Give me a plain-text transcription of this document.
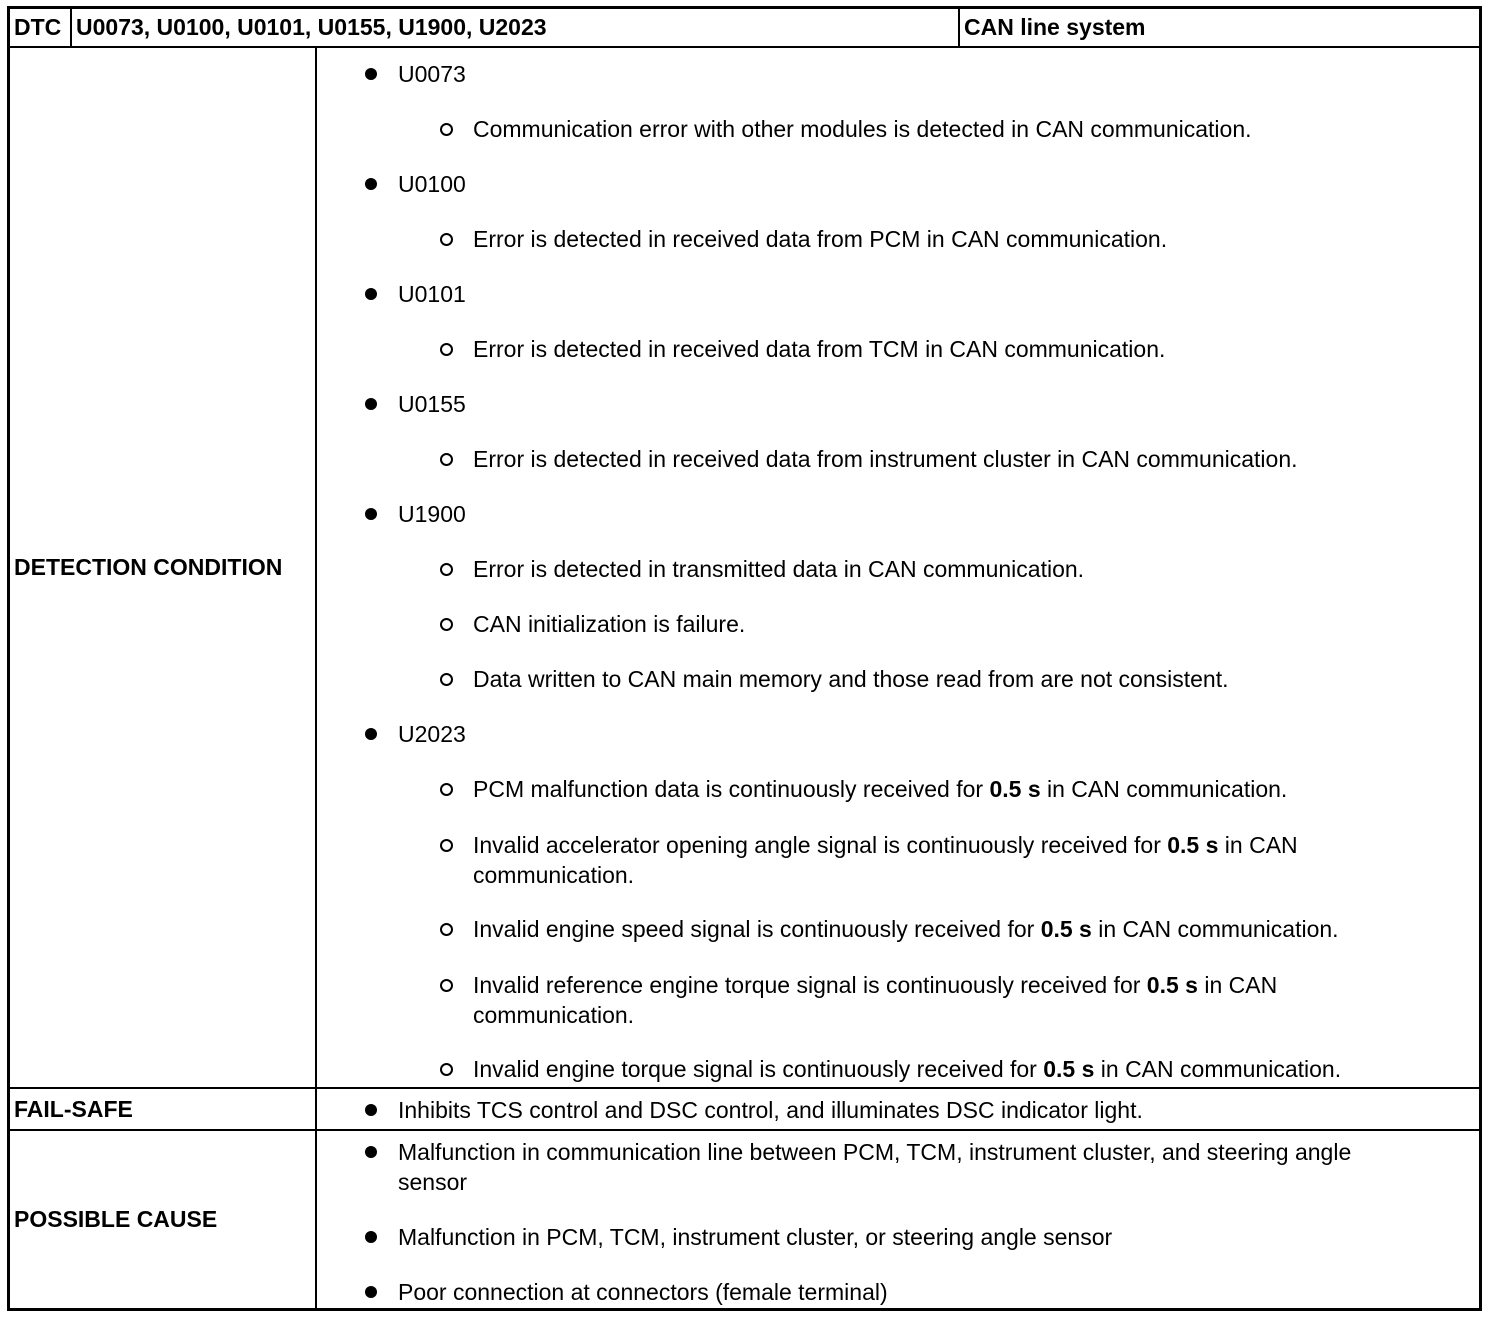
DTC U0073, U0100, U0101, U0155, U1900, U2023	CAN line system
DETECTION CONDITION
U0073
Communication error with other modules is detected in CAN communication.
U0100
Error is detected in received data from PCM in CAN communication.
U0101
Error is detected in received data from TCM in CAN communication.
U0155
Error is detected in received data from instrument cluster in CAN communication.
U1900
Error is detected in transmitted data in CAN communication.
CAN initialization is failure.
Data written to CAN main memory and those read from are not consistent.
U2023
PCM malfunction data is continuously received for 0.5 s in CAN communication.
Invalid accelerator opening angle signal is continuously received for 0.5 s in CAN
communication.
Invalid engine speed signal is continuously received for 0.5 s in CAN communication.
Invalid reference engine torque signal is continuously received for 0.5 s in CAN
communication.
Invalid engine torque signal is continuously received for 0.5 s in CAN communication.
FAIL-SAFE	Inhibits TCS control and DSC control, and illuminates DSC indicator light.
POSSIBLE CAUSE
Malfunction in communication line between PCM, TCM, instrument cluster, and steering angle
sensor
Malfunction in PCM, TCM, instrument cluster, or steering angle sensor
Poor connection at connectors (female terminal)
